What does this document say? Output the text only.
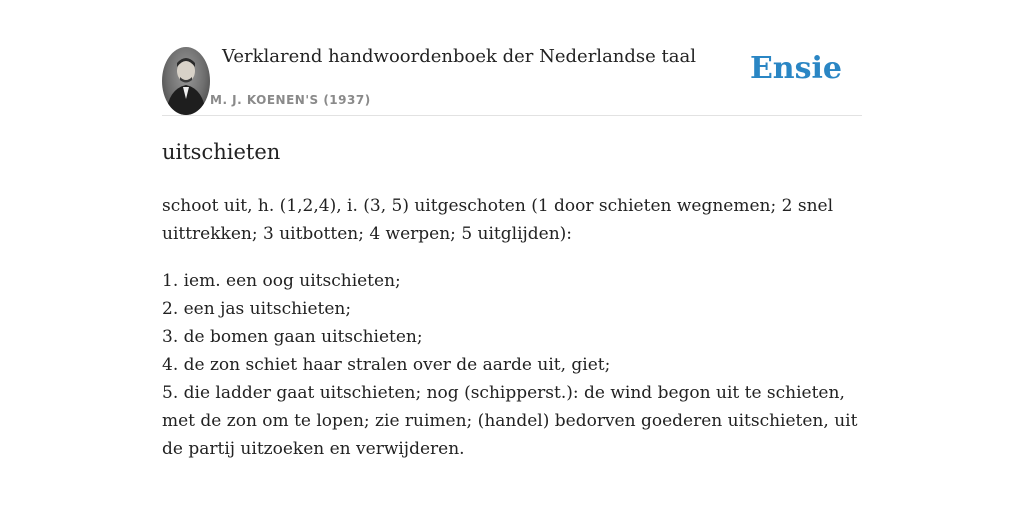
Verklarend handwoordenboek der Nederlandse taal
M. J. KOENEN'S (1937)
Ensie
uitschieten
schoot uit, h. (1,2,4), i. (3, 5) uitgeschoten (1 door schieten wegnemen; 2 snel uittrekken; 3 uitbotten; 4 werpen; 5 uitglijden):
1. iem. een oog uitschieten;
2. een jas uitschieten;
3. de bomen gaan uitschieten;
4. de zon schiet haar stralen over de aarde uit, giet;
5. die ladder gaat uitschieten; nog (schipperst.): de wind begon uit te schieten, met de zon om te lopen; zie ruimen; (handel) bedorven goederen uitschieten, uit de partij uitzoeken en verwijderen.
